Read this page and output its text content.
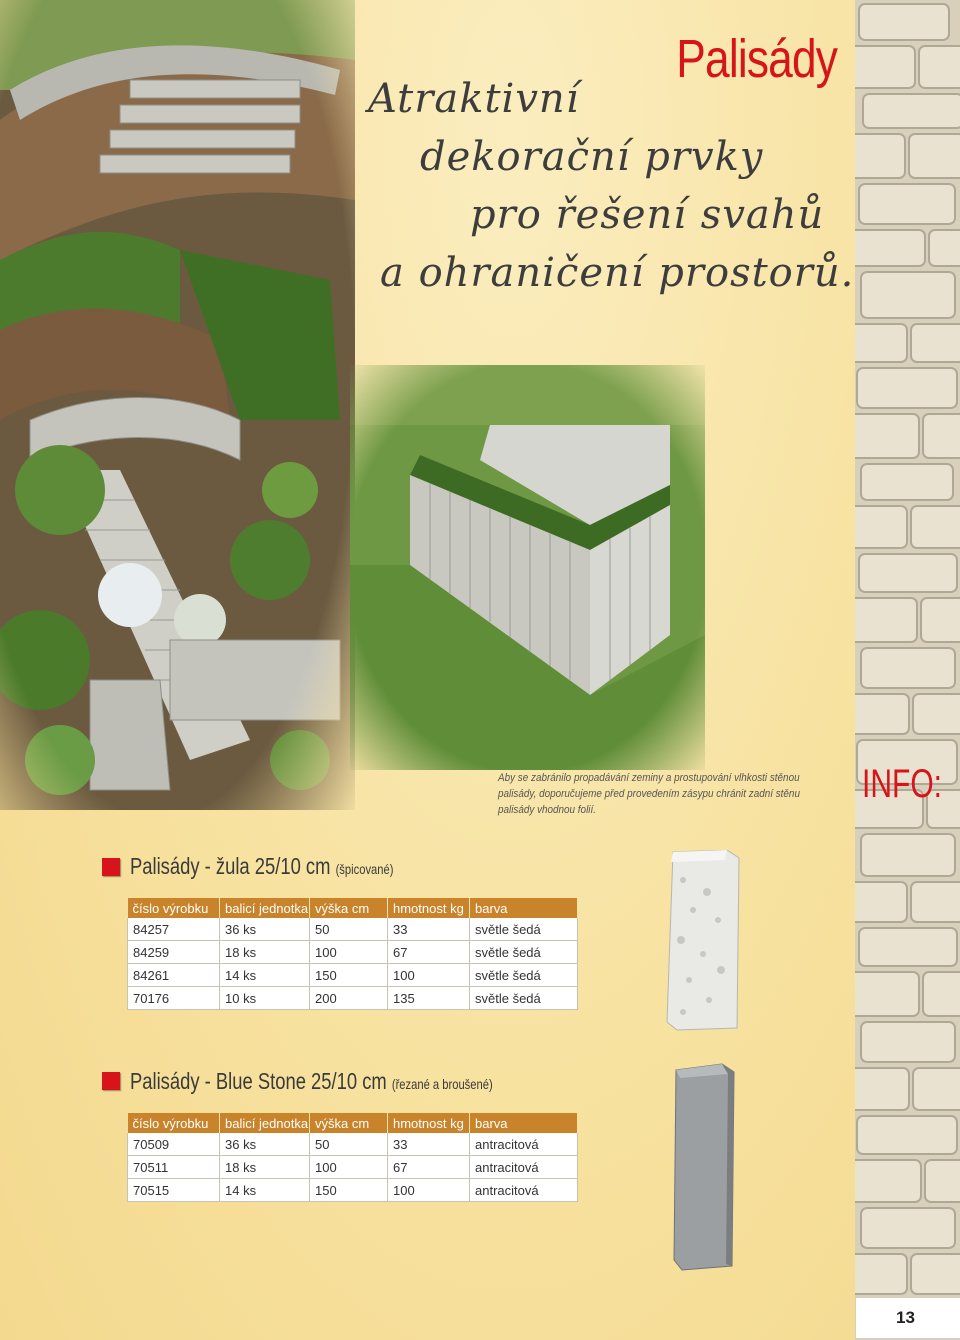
Palisády
Atraktivní
dekorační prvky
pro řešení svahů
a ohraničení prostorů.
Aby se zabránilo propadávání zeminy a prostupování vlhkosti stěnou palisády, doporučujeme před provedením zásypu chránit zadní stěnu palisády vhodnou folií.
INFO:
Palisády - žula 25/10 cm (špicované)
číslo výrobku	balicí jednotka	výška cm	hmotnost kg	barva
84257	36 ks	50	33	světle šedá
84259	18 ks	100	67	světle šedá
84261	14 ks	150	100	světle šedá
70176	10 ks	200	135	světle šedá
Palisády - Blue Stone 25/10 cm (řezané a broušené)
číslo výrobku	balicí jednotka	výška cm	hmotnost kg	barva
70509	36 ks	50	33	antracitová
70511	18 ks	100	67	antracitová
70515	14 ks	150	100	antracitová
13
